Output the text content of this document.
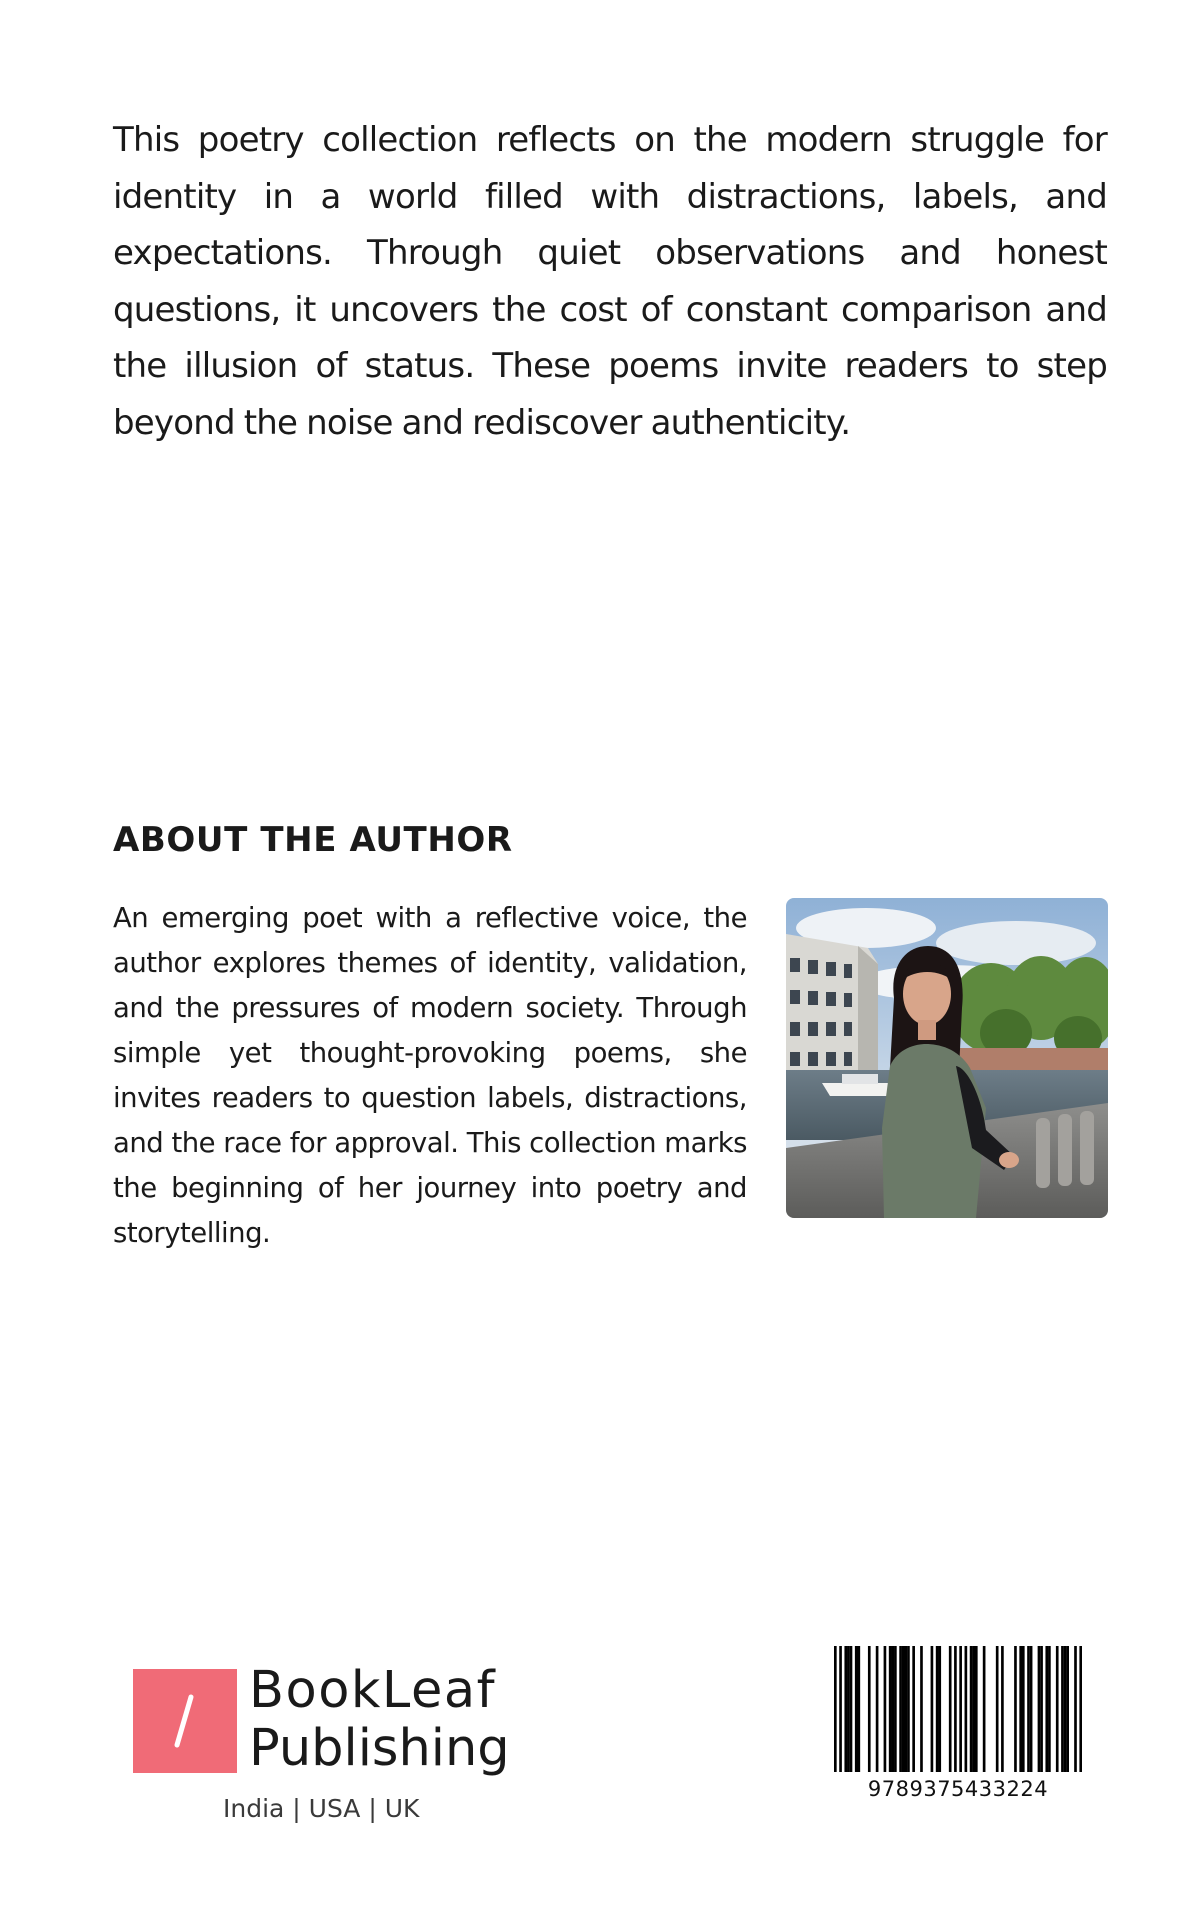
This poetry collection reflects on the modern struggle for identity in a world filled with distractions, labels, and expectations. Through quiet observations and honest questions, it uncovers the cost of constant comparison and the illusion of status. These poems invite readers to step beyond the noise and rediscover authenticity.

ABOUT THE AUTHOR

An emerging poet with a reflective voice, the author explores themes of identity, validation, and the pressures of modern society. Through simple yet thought-provoking poems, she invites readers to question labels, distractions, and the race for approval. This collection marks the beginning of her journey into poetry and storytelling.

BookLeaf

Publishing

India | USA | UK

9789375433224
